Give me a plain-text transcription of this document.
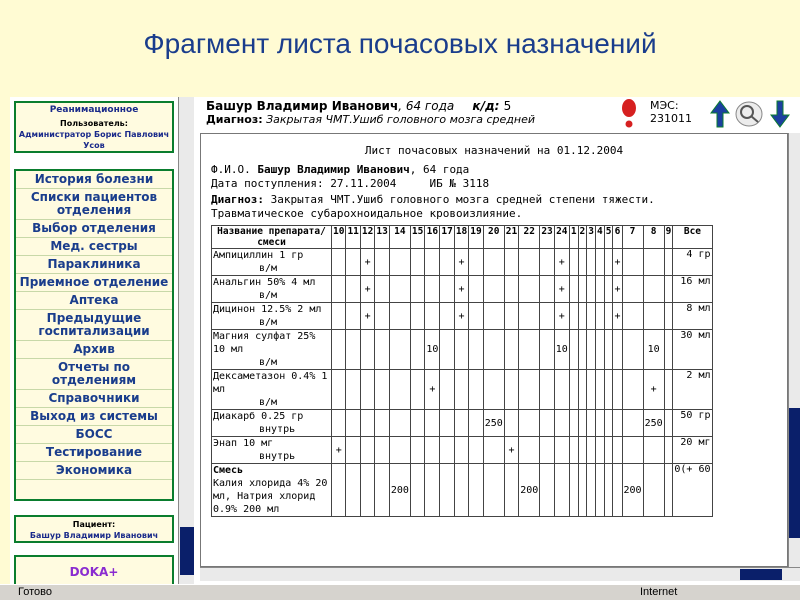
Фрагмент листа почасовых назначений
Реанимационное
Пользователь:
Администратор Борис Павлович Усов
История болезни
Списки пациентов отделения
Выбор отделения
Мед. сестры
Параклиника
Приемное отделение
Аптека
Предыдущие госпитализации
Архив
Отчеты по отделениям
Справочники
Выход из системы
БОСС
Тестирование
Экономика
Пациент:
Башур Владимир Иванович
DOKA+
Башур Владимир Иванович, 64 года к/д: 5
Диагноз: Закрытая ЧМТ.Ушиб головного мозга средней
МЭС:
231011
Лист почасовых назначений на 01.12.2004
Ф.И.О. Башур Владимир Иванович, 64 года
Дата поступления: 27.11.2004     ИБ № 3118
Диагноз: Закрытая ЧМТ.Ушиб головного мозга средней степени тяжести.
Травматическое субарохноидальное кровоизлияние.
Название препарата/смеси	10	11	12	13	14	15	16	17	18	19	20	21	22	23	24	1	2	3	4	5	6	7	8	9	Все

Ампициллин 1 гр
в/м			+						+						+						+				4 гр

Анальгин 50% 4 мл
в/м			+						+						+						+				16 мл

Дицинон 12.5% 2 мл
в/м			+						+						+						+				8 мл

Магния сулфат 25% 10 мл
в/м							10								10								10		30 мл

Дексаметазон 0.4% 1 мл
в/м							+																+		2 мл

Диакарб 0.25 гр
внутрь											250												250		50 гр

Энап 10 мг
внутрь	+											+													20 мг

Смесь
Калия хлорида 4% 20 мл, Натрия хлорид 0.9% 200 мл					200								200									200			0(+ 60
Готово	Internet
